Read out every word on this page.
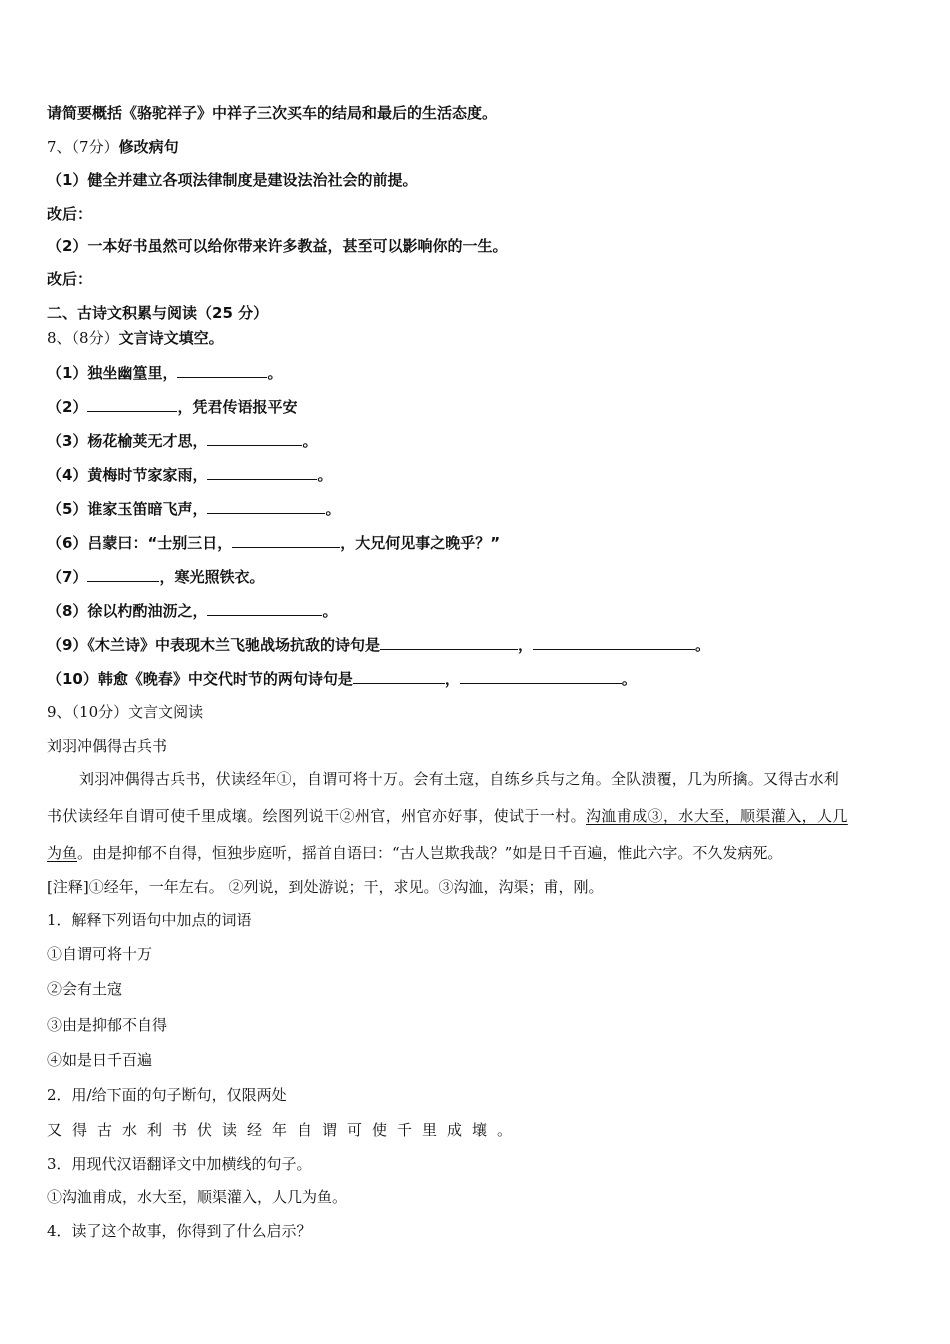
请简要概括《骆驼祥子》中祥子三次买车的结局和最后的生活态度。
7、（7分）修改病句
（1）健全并建立各项法律制度是建设法治社会的前提。
改后：
（2）一本好书虽然可以给你带来许多教益，甚至可以影响你的一生。
改后：
二、古诗文积累与阅读（25 分）
8、（8分）文言诗文填空。
（1）独坐幽篁里，	。
（2）	，凭君传语报平安
（3）杨花榆荚无才思，	。
（4）黄梅时节家家雨，	。
（5）谁家玉笛暗飞声，	。
（6）吕蒙曰：“士别三日，	，大兄何见事之晚乎？”
（7）	，寒光照铁衣。
（8）徐以杓酌油沥之，	。
（9）《木兰诗》中表现木兰飞驰战场抗敌的诗句是	，	。
（10）韩愈《晚春》中交代时节的两句诗句是	，	。
9、（10分）文言文阅读
刘羽冲偶得古兵书
刘羽冲偶得古兵书，伏读经年①，自谓可将十万。会有土寇，自练乡兵与之角。全队溃覆，几为所擒。又得古水利
书伏读经年自谓可使千里成壤。绘图列说干②州官，州官亦好事，使试于一村。沟洫甫成③，水大至，顺渠灌入，人几
为鱼。由是抑郁不自得，恒独步庭听，摇首自语曰：“古人岂欺我哉？”如是日千百遍，惟此六字。不久发病死。
[注释]①经年，一年左右。 ②列说，到处游说；干，求见。③沟洫，沟渠；甫，刚。
1．解释下列语句中加点的词语
①自谓可将十万
②会有土寇
③由是抑郁不自得
④如是日千百遍
2．用/给下面的句子断句，仅限两处
又得古水利书伏读经年自谓可使千里成壤。
3．用现代汉语翻译文中加横线的句子。
①沟洫甫成，水大至，顺渠灌入，人几为鱼。
4．读了这个故事，你得到了什么启示？
